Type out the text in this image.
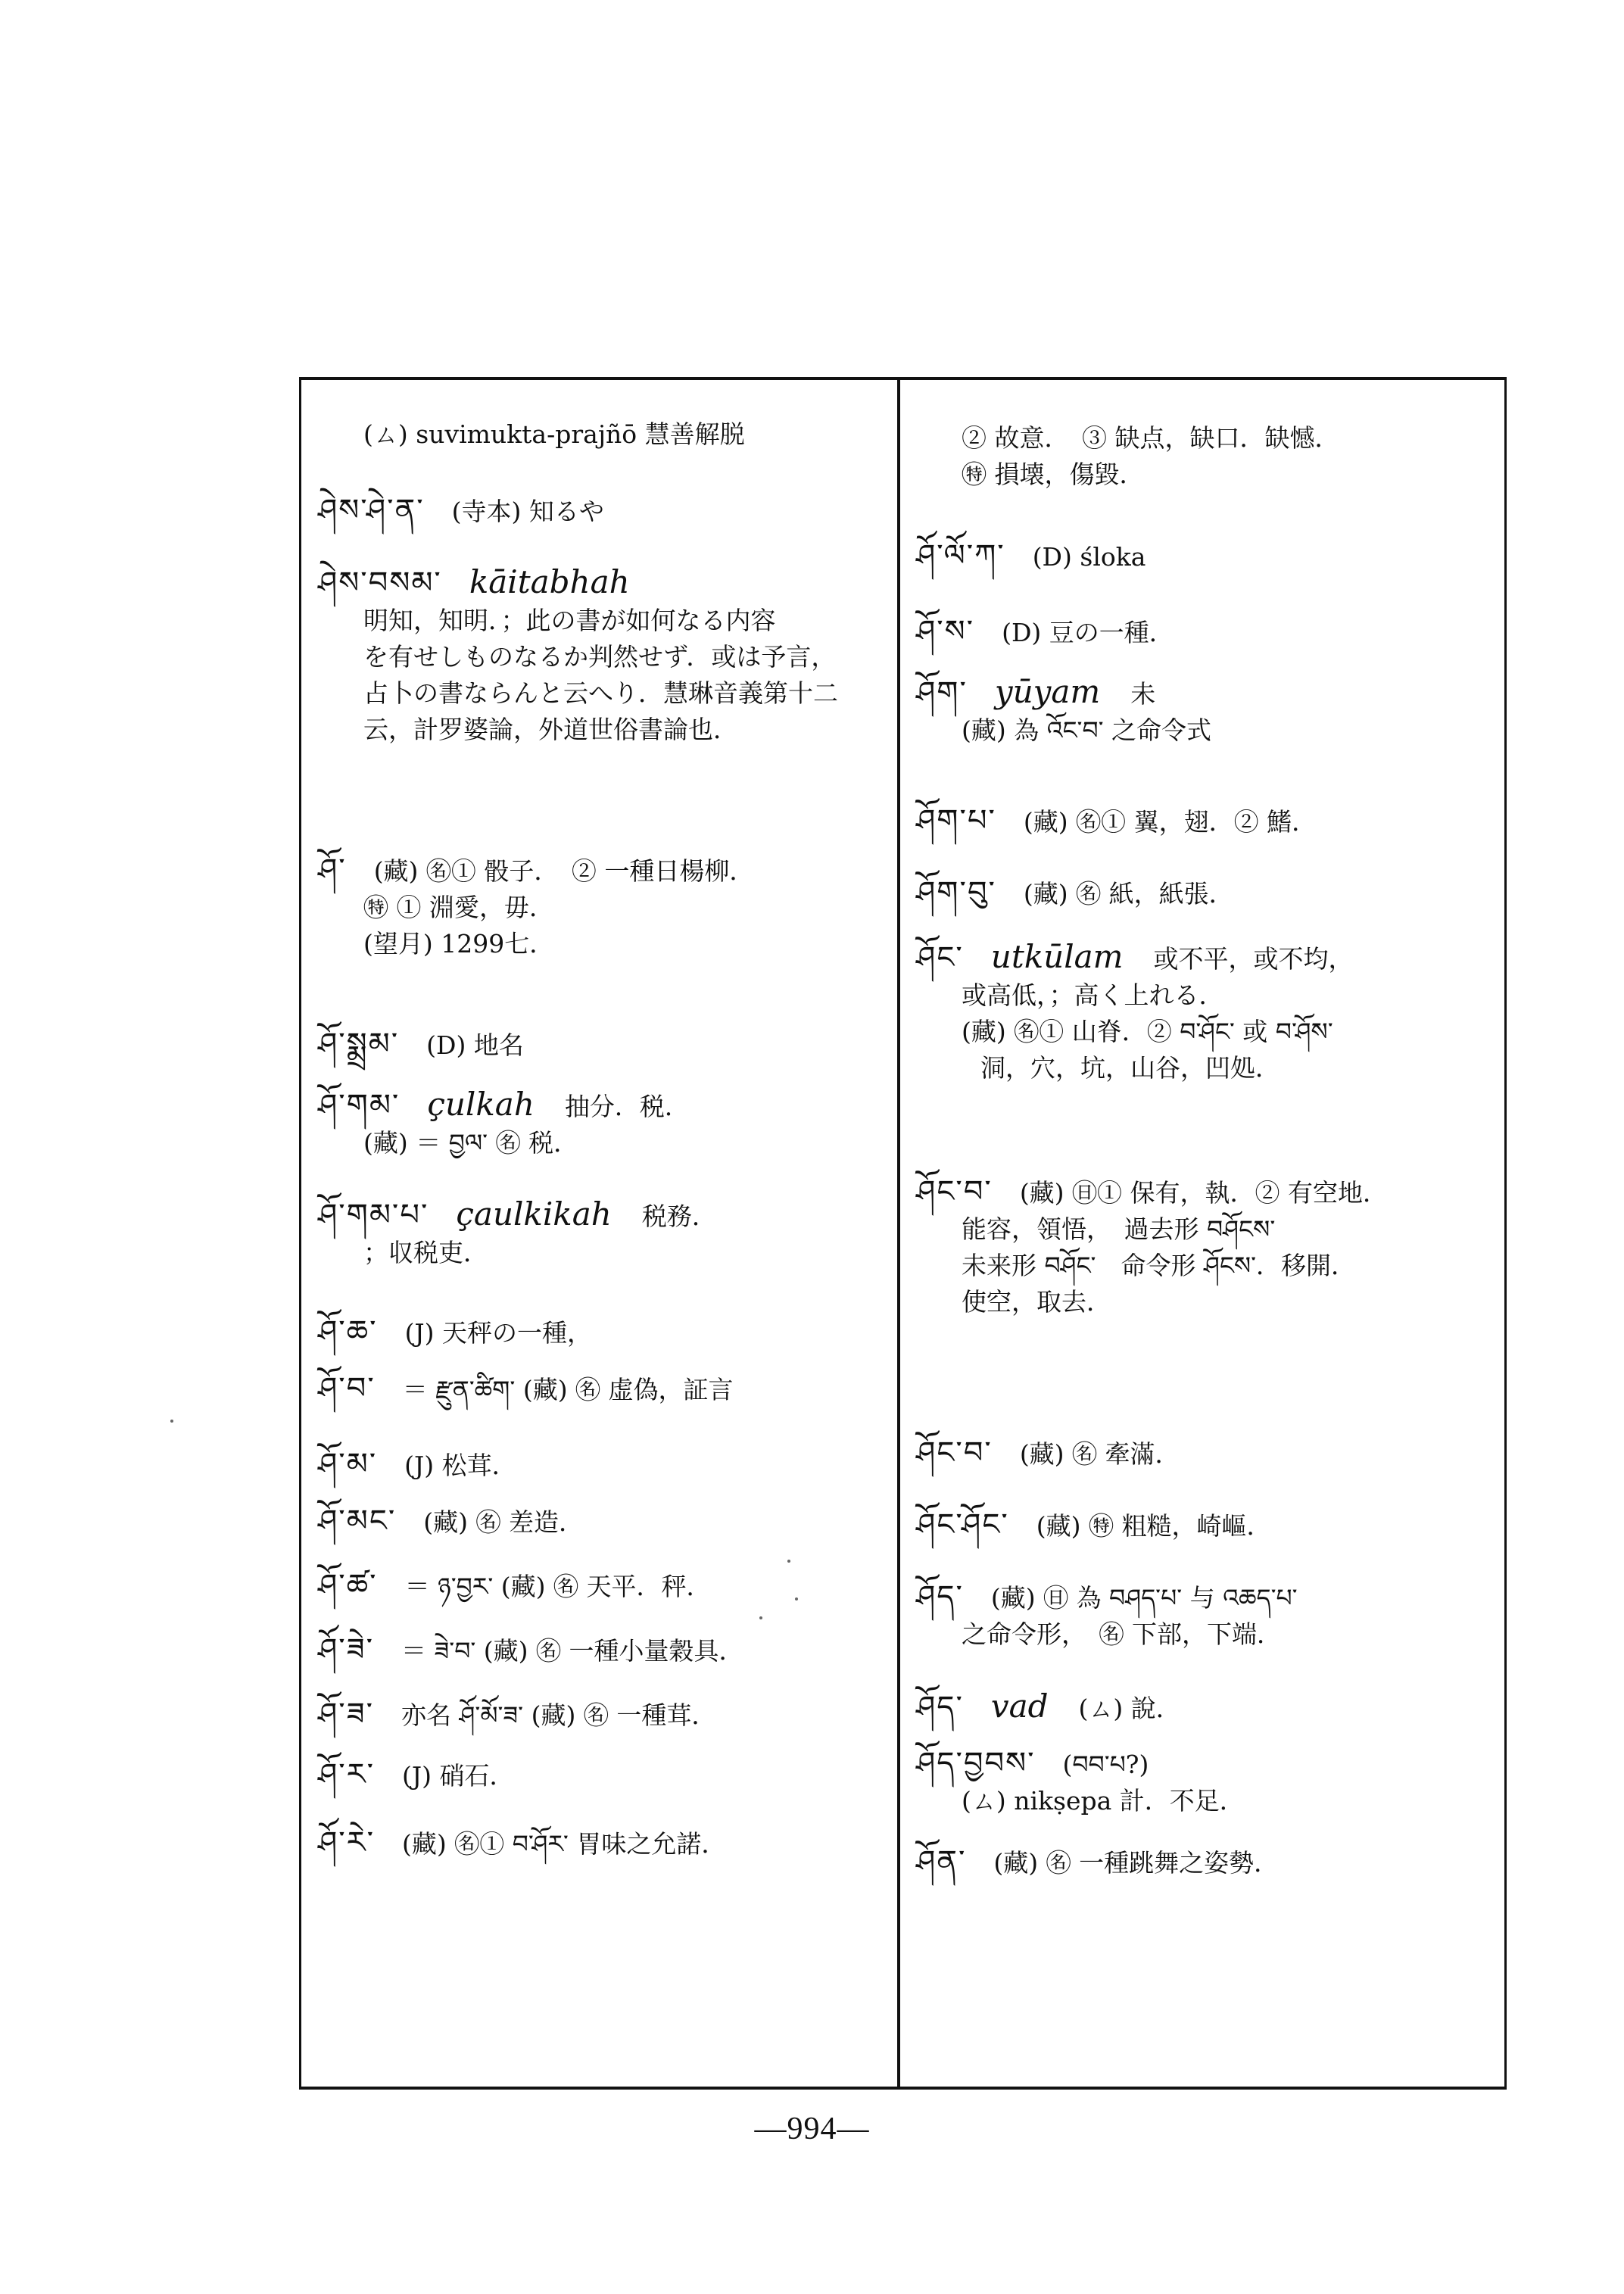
(ㄙ) suvimukta-prajñō 慧善解脱
ཤེས་ཤེ་ན་ (寺本) 知るや
ཤེས་བསམ་ kāitabhah
明知，知明．；此の書が如何なる内容
を有せしものなるか判然せず．或は予言，
占卜の書ならんと云へり．慧琳音義第十二
云，計罗婆論，外道世俗書論也．
ཤོ་ (藏) ㊔① 骰子．　② 一種日楊柳．
㊕ ① 淵愛，毋．
(望月) 1299七．
ཤོ་སྨྲམ་ (D) 地名
ཤོ་གམ་ çulkah 抽分．税．
(藏) ＝ བྱལ་ ㊔ 税．
ཤོ་གམ་པ་ çaulkikah 税務．
；収税吏．
ཤོ་ཆ་ (J) 天秤の一種，
ཤོ་བ་ ＝ རྫུན་ཚིག་ (藏) ㊔ 虚偽，証言
ཤོ་མ་ (J) 松茸．
ཤོ་མང་ (藏) ㊔ 差造．
ཤོ་ཚ་ ＝ ཉ་བྱར་ (藏) ㊔ 天平．秤．
ཤོ་ཟེ་ ＝ ཟེ་བ་ (藏) ㊔ 一種小量穀具．
ཤོ་ཟ་ 亦名 ཤོ་མོ་ཟ་ (藏) ㊔ 一種茸．
ཤོ་ར་ (J) 硝石．
ཤོ་རེ་ (藏) ㊔① བ་ཤོར་ 胃味之允諾．
② 故意．　③ 缺点，缺口．缺憾．
㊕ 損壊，傷毀．
ཤོ་ལོ་ཀ་ (D) śloka
ཤོ་ས་ (D) 豆の一種．
ཤོག་ yūyam 未
(藏) 為 འོང་བ་ 之命令式
ཤོག་པ་ (藏) ㊔① 翼，翅．② 鰭．
ཤོག་བུ་ (藏) ㊔ 紙，紙張．
ཤོང་ utkūlam 或不平，或不均，
或高低，；高く上れる．
(藏) ㊔① 山脊．② བ་ཤོང་ 或 བ་ཤོས་
洞，穴，坑，山谷，凹処．
ཤོང་བ་ (藏) ㊐① 保有，執．② 有空地．
能容，領悟，　過去形 བཤོངས་
未来形 བཤོང་　命令形 ཤོངས་．移開．
使空，取去．
ཤོང་བ་ (藏) ㊔ 牽滿．
ཤོང་ཤོང་ (藏) ㊕ 粗糙，崎嶇．
ཤོད་ (藏) ㊐ 為 བཤད་པ་ 与 འཆད་པ་
之命令形，　㊔ 下部，下端．
ཤོད་ vad (ㄙ) 說．
ཤོད་བྱབས་ (བབ་པ?)
(ㄙ) nikṣepa 計．不足．
ཤོན་ (藏) ㊔ 一種跳舞之姿勢．
—994—
